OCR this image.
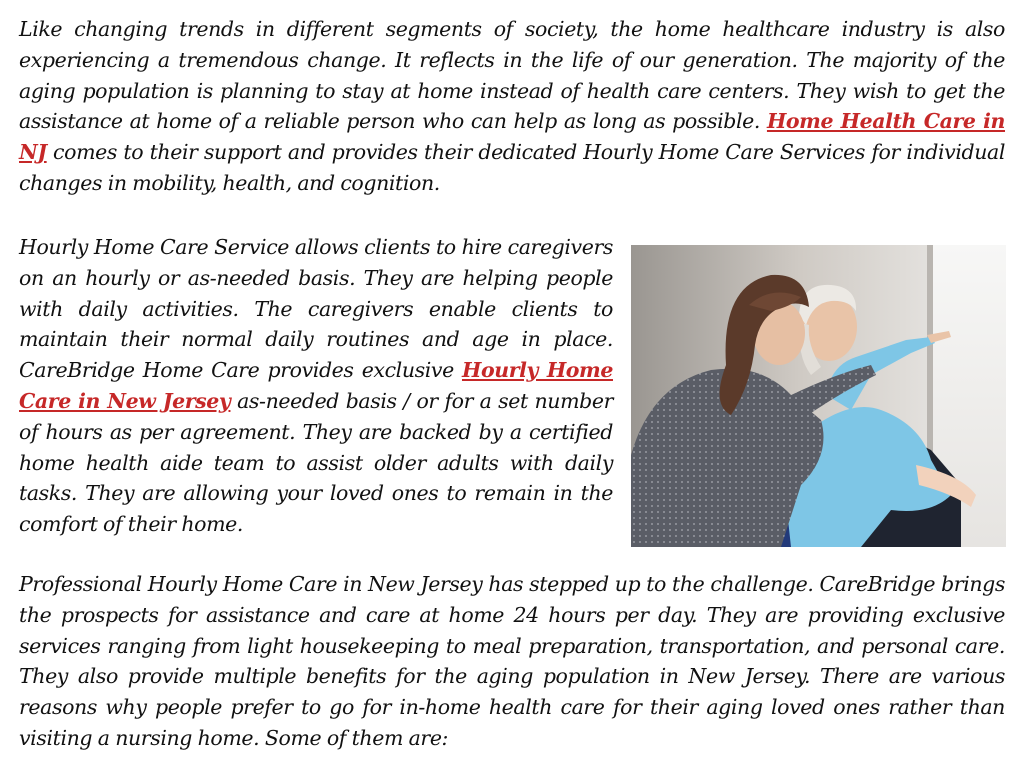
Like changing trends in different segments of society, the home healthcare industry is also experiencing a tremendous change. It reflects in the life of our generation. The majority of the aging population is planning to stay at home instead of health care centers. They wish to get the assistance at home of a reliable person who can help as long as possible. Home Health Care in NJ comes to their support and provides their dedicated Hourly Home Care Services for individual changes in mobility, health, and cognition.

Hourly Home Care Service allows clients to hire caregivers on an hourly or as-needed basis. They are helping people with daily activities. The caregivers enable clients to maintain their normal daily routines and age in place. CareBridge Home Care provides exclusive Hourly Home Care in New Jersey as-needed basis / or for a set number of hours as per agreement. They are backed by a certified home health aide team to assist older adults with daily tasks. They are allowing your loved ones to remain in the comfort of their home.

Professional Hourly Home Care in New Jersey has stepped up to the challenge. CareBridge brings the prospects for assistance and care at home 24 hours per day. They are providing exclusive services ranging from light housekeeping to meal preparation, transportation, and personal care. They also provide multiple benefits for the aging population in New Jersey. There are various reasons why people prefer to go for in-home health care for their aging loved ones rather than visiting a nursing home. Some of them are:
